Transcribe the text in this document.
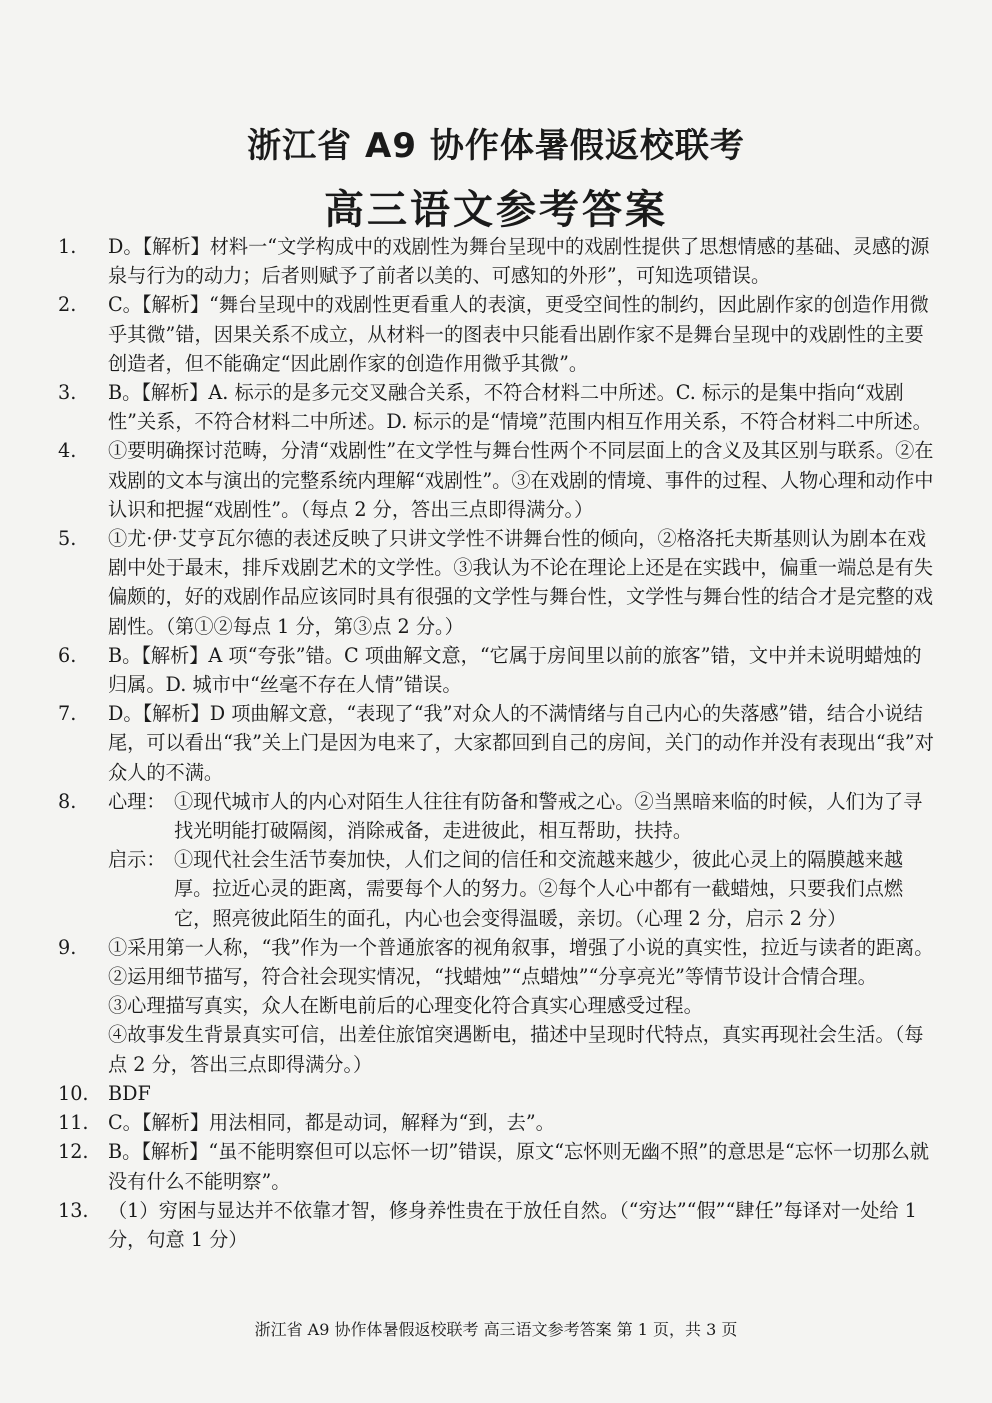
浙江省 A9 协作体暑假返校联考
高三语文参考答案
1.	D。【解析】材料一“文学构成中的戏剧性为舞台呈现中的戏剧性提供了思想情感的基础、灵感的源泉与行为的动力；后者则赋予了前者以美的、可感知的外形”，可知选项错误。
2.	C。【解析】“舞台呈现中的戏剧性更看重人的表演，更受空间性的制约，因此剧作家的创造作用微乎其微”错，因果关系不成立，从材料一的图表中只能看出剧作家不是舞台呈现中的戏剧性的主要创造者，但不能确定“因此剧作家的创造作用微乎其微”。
3.	B。【解析】A. 标示的是多元交叉融合关系，不符合材料二中所述。C. 标示的是集中指向“戏剧性”关系，不符合材料二中所述。D. 标示的是“情境”范围内相互作用关系，不符合材料二中所述。
4.	①要明确探讨范畴，分清“戏剧性”在文学性与舞台性两个不同层面上的含义及其区别与联系。②在戏剧的文本与演出的完整系统内理解“戏剧性”。③在戏剧的情境、事件的过程、人物心理和动作中认识和把握“戏剧性”。（每点 2 分，答出三点即得满分。）
5.	①尤·伊·艾亨瓦尔德的表述反映了只讲文学性不讲舞台性的倾向，②格洛托夫斯基则认为剧本在戏剧中处于最末，排斥戏剧艺术的文学性。③我认为不论在理论上还是在实践中，偏重一端总是有失偏颇的，好的戏剧作品应该同时具有很强的文学性与舞台性，文学性与舞台性的结合才是完整的戏剧性。（第①②每点 1 分，第③点 2 分。）
6.	B。【解析】A 项“夸张”错。C 项曲解文意，“它属于房间里以前的旅客”错，文中并未说明蜡烛的归属。D. 城市中“丝毫不存在人情”错误。
7.	D。【解析】D 项曲解文意，“表现了“我”对众人的不满情绪与自己内心的失落感”错，结合小说结尾，可以看出“我”关上门是因为电来了，大家都回到自己的房间，关门的动作并没有表现出“我”对众人的不满。
8.	心理： ①现代城市人的内心对陌生人往往有防备和警戒之心。②当黑暗来临的时候，人们为了寻找光明能打破隔阂，消除戒备，走进彼此，相互帮助，扶持。
启示： ①现代社会生活节奏加快，人们之间的信任和交流越来越少，彼此心灵上的隔膜越来越厚。拉近心灵的距离，需要每个人的努力。②每个人心中都有一截蜡烛，只要我们点燃它，照亮彼此陌生的面孔，内心也会变得温暖，亲切。（心理 2 分，启示 2 分）
9.	①采用第一人称，“我”作为一个普通旅客的视角叙事，增强了小说的真实性，拉近与读者的距离。
②运用细节描写，符合社会现实情况，“找蜡烛”“点蜡烛”“分享亮光”等情节设计合情合理。
③心理描写真实，众人在断电前后的心理变化符合真实心理感受过程。
④故事发生背景真实可信，出差住旅馆突遇断电，描述中呈现时代特点，真实再现社会生活。（每点 2 分，答出三点即得满分。）
10.	BDF
11.	C。【解析】用法相同，都是动词，解释为“到，去”。
12.	B。【解析】“虽不能明察但可以忘怀一切”错误，原文“忘怀则无幽不照”的意思是“忘怀一切那么就没有什么不能明察”。
13.	（1）穷困与显达并不依靠才智，修身养性贵在于放任自然。（“穷达”“假”“肆任”每译对一处给 1 分，句意 1 分）
浙江省 A9 协作体暑假返校联考 高三语文参考答案 第 1 页，共 3 页
